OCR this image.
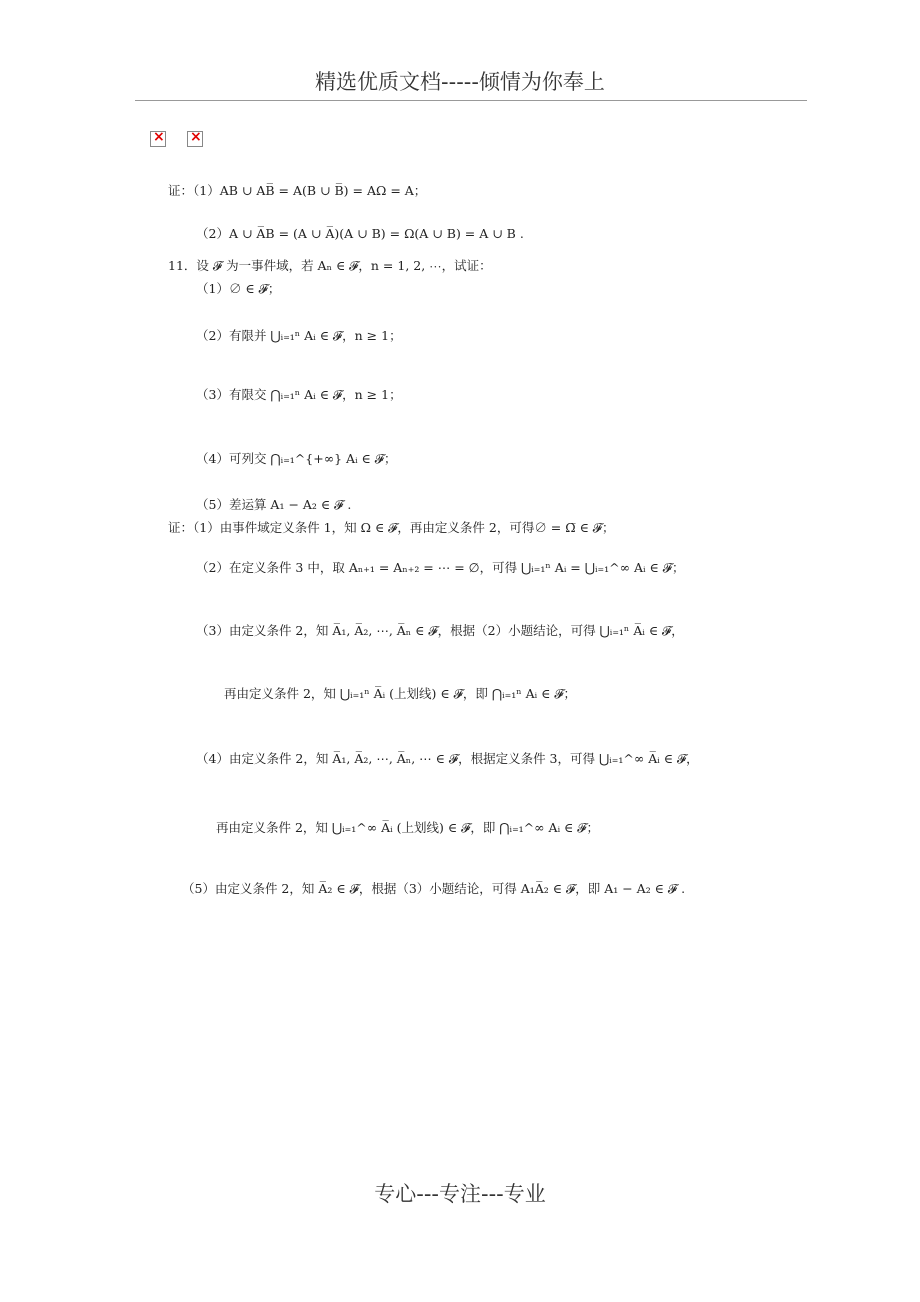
精选优质文档-----倾情为你奉上
× ×
证：（1）AB ∪ AB̅ = A(B ∪ B̅) = AΩ = A；
（2）A ∪ A̅B = (A ∪ A̅)(A ∪ B) = Ω(A ∪ B) = A ∪ B .
11．设 𝓕 为一事件域，若 Aₙ ∈ 𝓕，n = 1, 2, ⋯，试证：
（1）∅ ∈ 𝓕；
（2）有限并 ⋃ᵢ₌₁ⁿ Aᵢ ∈ 𝓕，n ≥ 1；
（3）有限交 ⋂ᵢ₌₁ⁿ Aᵢ ∈ 𝓕，n ≥ 1；
（4）可列交 ⋂ᵢ₌₁^{+∞} Aᵢ ∈ 𝓕；
（5）差运算 A₁ − A₂ ∈ 𝓕 .
证：（1）由事件域定义条件 1，知 Ω ∈ 𝓕，再由定义条件 2，可得∅ = Ω̅ ∈ 𝓕；
（2）在定义条件 3 中，取 Aₙ₊₁ = Aₙ₊₂ = ⋯ = ∅，可得 ⋃ᵢ₌₁ⁿ Aᵢ = ⋃ᵢ₌₁^∞ Aᵢ ∈ 𝓕；
（3）由定义条件 2，知 A̅₁, A̅₂, ⋯, A̅ₙ ∈ 𝓕，根据（2）小题结论，可得 ⋃ᵢ₌₁ⁿ A̅ᵢ ∈ 𝓕，
再由定义条件 2，知 ⋃ᵢ₌₁ⁿ A̅ᵢ (上划线) ∈ 𝓕，即 ⋂ᵢ₌₁ⁿ Aᵢ ∈ 𝓕；
（4）由定义条件 2，知 A̅₁, A̅₂, ⋯, A̅ₙ, ⋯ ∈ 𝓕，根据定义条件 3，可得 ⋃ᵢ₌₁^∞ A̅ᵢ ∈ 𝓕，
再由定义条件 2，知 ⋃ᵢ₌₁^∞ A̅ᵢ (上划线) ∈ 𝓕，即 ⋂ᵢ₌₁^∞ Aᵢ ∈ 𝓕；
（5）由定义条件 2，知 A̅₂ ∈ 𝓕，根据（3）小题结论，可得 A₁A̅₂ ∈ 𝓕，即 A₁ − A₂ ∈ 𝓕 .
专心---专注---专业
